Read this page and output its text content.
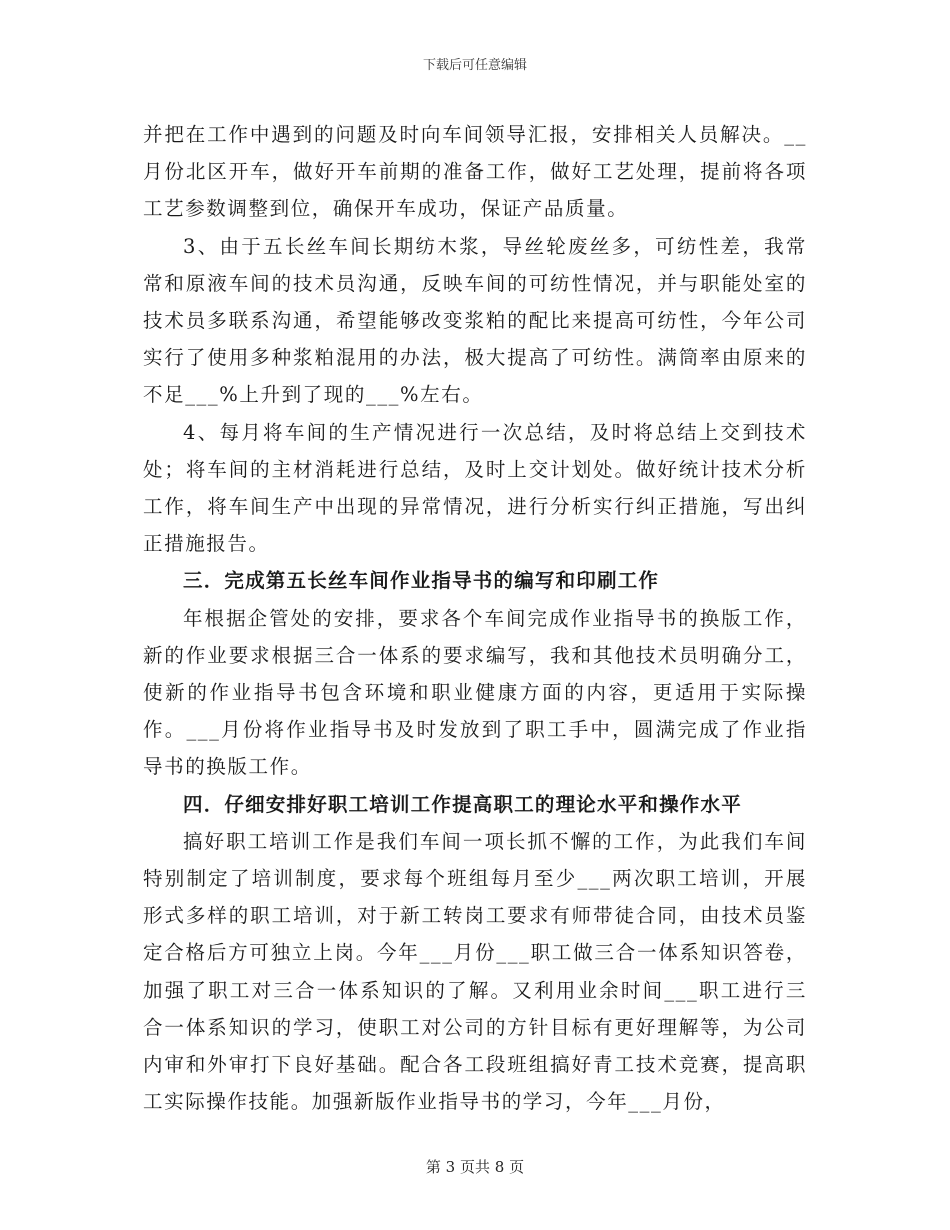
下载后可任意编辑

并把在工作中遇到的问题及时向车间领导汇报，安排相关人员解决。__月份北区开车，做好开车前期的准备工作，做好工艺处理，提前将各项工艺参数调整到位，确保开车成功，保证产品质量。

3、由于五长丝车间长期纺木浆，导丝轮废丝多，可纺性差，我常常和原液车间的技术员沟通，反映车间的可纺性情况，并与职能处室的技术员多联系沟通，希望能够改变浆粕的配比来提高可纺性，今年公司实行了使用多种浆粕混用的办法，极大提高了可纺性。满筒率由原来的不足___%上升到了现的___%左右。

4、每月将车间的生产情况进行一次总结，及时将总结上交到技术处；将车间的主材消耗进行总结，及时上交计划处。做好统计技术分析工作，将车间生产中出现的异常情况，进行分析实行纠正措施，写出纠正措施报告。

三．完成第五长丝车间作业指导书的编写和印刷工作

年根据企管处的安排，要求各个车间完成作业指导书的换版工作，新的作业要求根据三合一体系的要求编写，我和其他技术员明确分工，使新的作业指导书包含环境和职业健康方面的内容，更适用于实际操作。___月份将作业指导书及时发放到了职工手中，圆满完成了作业指导书的换版工作。

四．仔细安排好职工培训工作提高职工的理论水平和操作水平

搞好职工培训工作是我们车间一项长抓不懈的工作，为此我们车间特别制定了培训制度，要求每个班组每月至少___两次职工培训，开展形式多样的职工培训，对于新工转岗工要求有师带徒合同，由技术员鉴定合格后方可独立上岗。今年___月份___职工做三合一体系知识答卷，加强了职工对三合一体系知识的了解。又利用业余时间___职工进行三合一体系知识的学习，使职工对公司的方针目标有更好理解等，为公司内审和外审打下良好基础。配合各工段班组搞好青工技术竞赛，提高职工实际操作技能。加强新版作业指导书的学习，今年___月份，

第 3 页共 8 页
